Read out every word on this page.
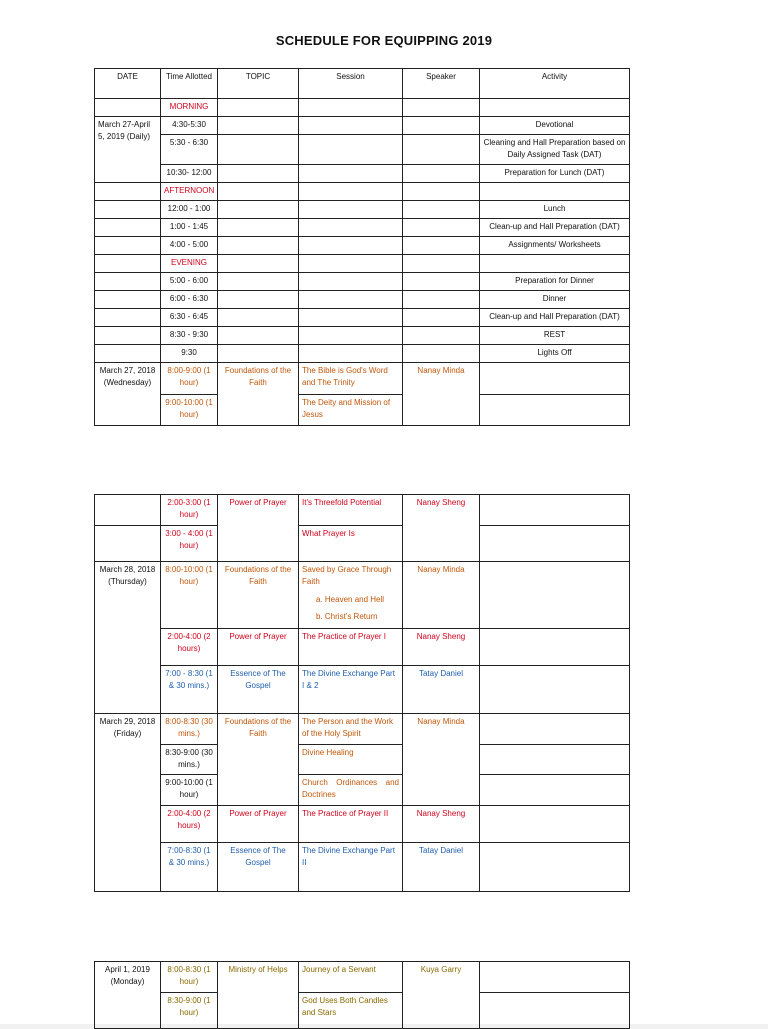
SCHEDULE FOR EQUIPPING 2019
DATE	Time Allotted	TOPIC	Session	Speaker	Activity
	MORNING				
March 27-April 5, 2019 (Daily)	4:30-5:30				Devotional
	5:30 - 6:30				Cleaning and Hall Preparation based on Daily Assigned Task (DAT)
	10:30- 12:00				Preparation for Lunch (DAT)
	AFTERNOON				
	12:00 - 1:00				Lunch
	1:00 - 1:45				Clean-up and Hall Preparation (DAT)
	4:00 - 5:00				Assignments/ Worksheets
	EVENING				
	5:00 - 6:00				Preparation for Dinner
	6:00 - 6:30				Dinner
	6:30 - 6:45				Clean-up and Hall Preparation (DAT)
	8:30 - 9:30				REST
	9:30				Lights Off
March 27, 2018 (Wednesday)	8:00-9:00 (1 hour)	Foundations of the Faith	The Bible is God's Word and The Trinity	Nanay Minda	
	9:00-10:00 (1 hour)		The Deity and Mission of Jesus		
	2:00-3:00 (1 hour)	Power of Prayer	It's Threefold Potential	Nanay Sheng	
	3:00 - 4:00 (1 hour)		What Prayer Is		
March 28, 2018 (Thursday)	8:00-10:00 (1 hour)	Foundations of the Faith	Saved by Grace Through Faith
a. Heaven and Hell
b. Christ's Return	Nanay Minda	
	2:00-4:00 (2 hours)	Power of Prayer	The Practice of Prayer I	Nanay Sheng	
	7:00 - 8:30 (1 & 30 mins.)	Essence of The Gospel	The Divine Exchange Part I & 2	Tatay Daniel	
March 29, 2018 (Friday)	8:00-8:30 (30 mins.)	Foundations of the Faith	The Person and the Work of the Holy Spirit	Nanay Minda	
	8:30-9:00 (30 mins.)		Divine Healing		
	9:00-10:00 (1 hour)		Church Ordinances and Doctrines		
	2:00-4:00 (2 hours)	Power of Prayer	The Practice of Prayer II	Nanay Sheng	
	7:00-8:30 (1 & 30 mins.)	Essence of The Gospel	The Divine Exchange Part II	Tatay Daniel	
April 1, 2019 (Monday)	8:00-8:30 (1 hour)	Ministry of Helps	Journey of a Servant	Kuya Garry	
	8:30-9:00 (1 hour)		God Uses Both Candles and Stars		
